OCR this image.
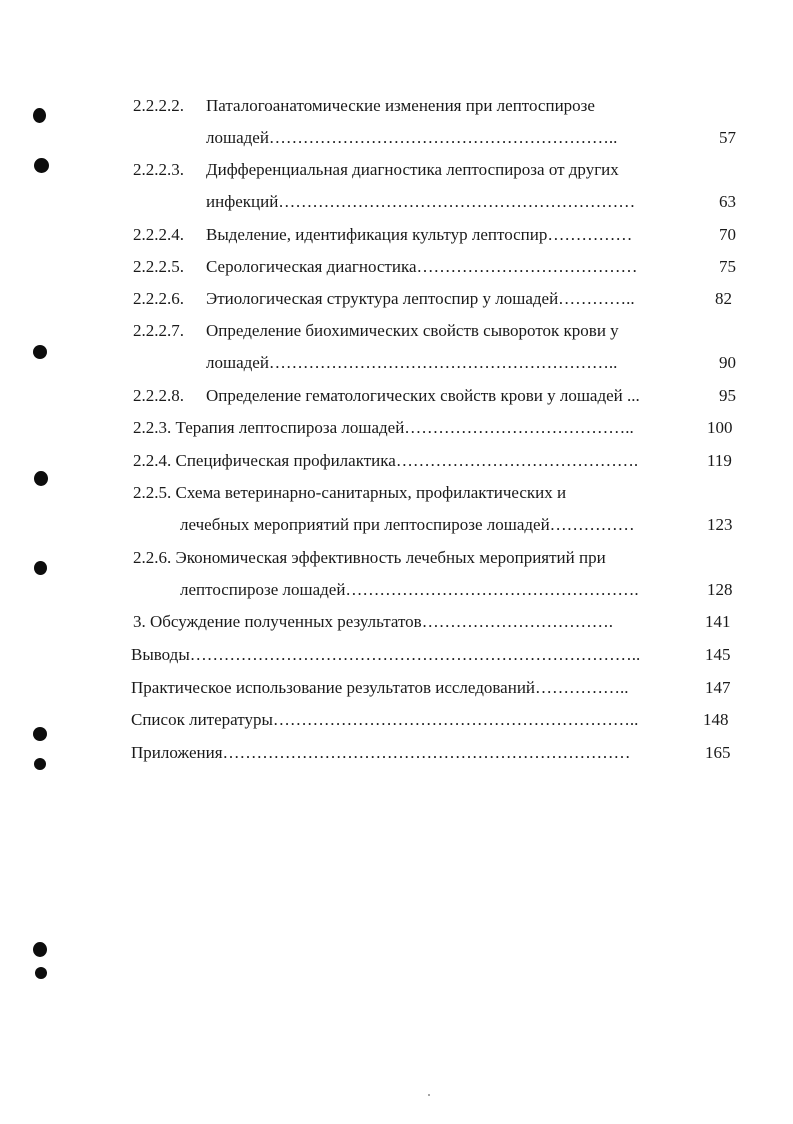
2.2.2.2. Паталогоанатомические изменения при лептоспирозе
лошадей……………………………………………………..	57
2.2.2.3. Дифференциальная диагностика лептоспироза от других
инфекций………………………………………………………	63
2.2.2.4. Выделение, идентификация культур лептоспир……………	70
2.2.2.5. Серологическая диагностика…………………………………	75
2.2.2.6. Этиологическая структура лептоспир у лошадей…………..	82
2.2.2.7. Определение биохимических свойств сывороток крови у
лошадей……………………………………………………..	90
2.2.2.8. Определение гематологических свойств крови у лошадей ...	95
2.2.3. Терапия лептоспироза лошадей…………………………………..	100
2.2.4. Специфическая профилактика…………………………………….	119
2.2.5. Схема ветеринарно-санитарных, профилактических и
лечебных мероприятий при лептоспирозе лошадей……………	123
2.2.6. Экономическая эффективность лечебных мероприятий при
лептоспирозе лошадей…………………………………………….	128
3. Обсуждение полученных результатов…………………………….	141
Выводы……………………………………………………………………..	145
Практическое использование результатов исследований……………..	147
Список литературы………………………………………………………..	148
Приложения………………………………………………………………	165
